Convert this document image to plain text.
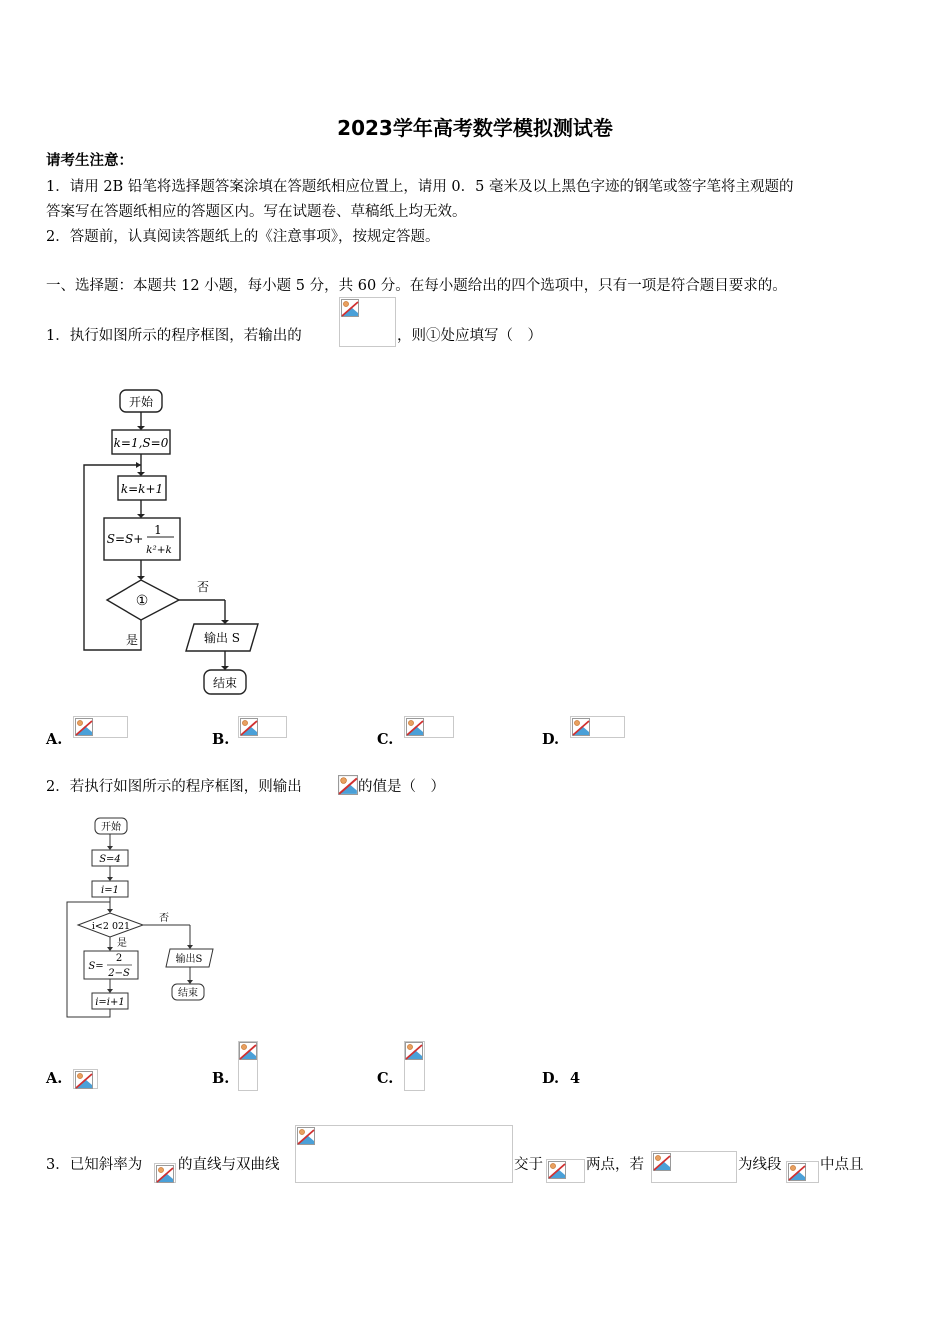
2023学年高考数学模拟测试卷
请考生注意：
1．请用 2B 铅笔将选择题答案涂填在答题纸相应位置上，请用 0．5 毫米及以上黑色字迹的钢笔或签字笔将主观题的
答案写在答题纸相应的答题区内。写在试题卷、草稿纸上均无效。
2．答题前，认真阅读答题纸上的《注意事项》，按规定答题。
一、选择题：本题共 12 小题，每小题 5 分，共 60 分。在每小题给出的四个选项中，只有一项是符合题目要求的。
1．执行如图所示的程序框图，若输出的	，则①处应填写（　）
开始
k=1,S=0
k=k+1
S=S+
1
k²+k
①
否
是	输出 S
结束
A.	B.	C.	D.
2．若执行如图所示的程序框图，则输出	的值是（　）
开始
S=4
i=1
i<2 021
否
是
S=
2
2−S
i=i+1
输出S
结束
A.	B.	C.	D. 4
3．已知斜率为 的直线与双曲线	交于	两点，若	为线段	中点且
